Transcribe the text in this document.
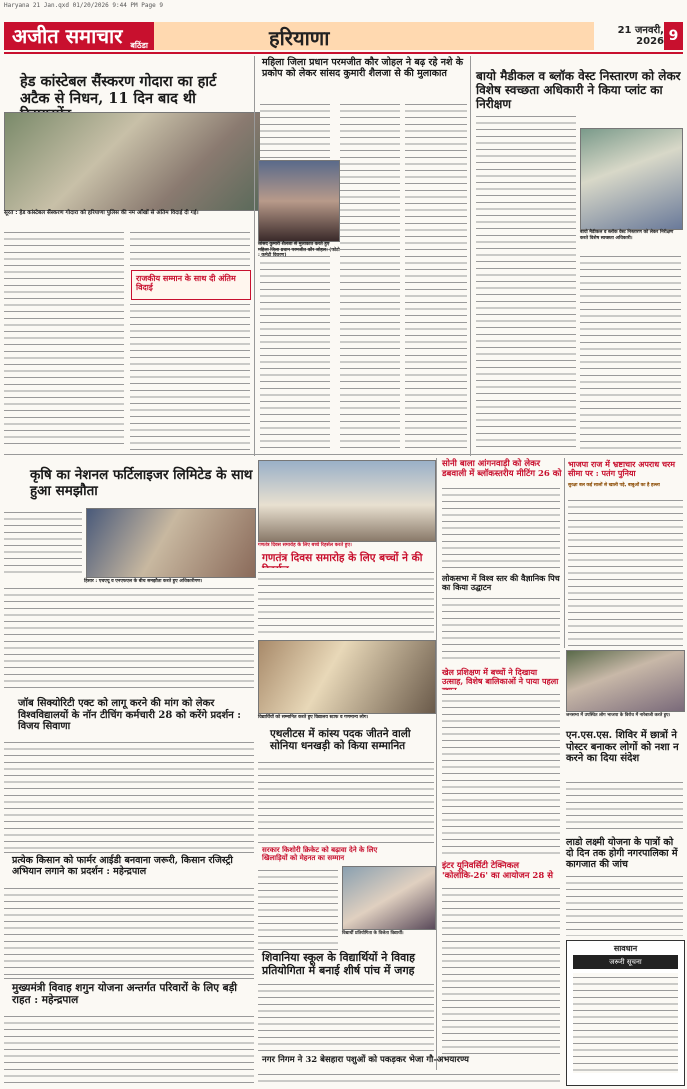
Haryana 21 Jan.qxd 01/20/2026 9:44 PM Page 9
अजीत समाचार बठिंडा	हरियाणा	21 जनवरी, 2026 9
हेड कांस्टेबल सैंस्करण गोदारा का हार्ट अटैक से निधन, 11 दिन बाद थी
सूरत : हेड कांस्टेबल सैंस्करण गोदारा को हरियाणा पुलिस की नम आँखों से अंतिम विदाई दी गई।
राजकीय सम्मान के साथ दी अंतिम विदाई
महिला जिला प्रधान परमजीत कौर जोहल ने बढ़ रहे नशे के प्रकोप को लेकर सांसद कुमारी शैलजा से की मुलाकात
सांसद कुमारी शैलजा से मुलाकात करते हुए महिला जिला प्रधान परमजीत कौर जोहल। (फोटो : कमेटी विवरण)
बायो मैडीकल व ब्लॉक वेस्ट निस्तारण को लेकर विशेष स्वच्छता अधिकारी ने किया प्लांट का निरीक्षण
बायो मैडीकल व ब्लॉक वेस्ट निस्तारण को लेकर निरीक्षण करते विशेष स्वच्छता अधिकारी।
कृषि का नेशनल फर्टिलाइजर लिमिटेड के साथ हुआ समझौता
हिसार : एचएयू व एनएफएल के बीच समझौता करते हुए अधिकारीगण।
गणतंत्र दिवस समारोह के लिए बच्चे रिहर्सल करते हुए।
गणतंत्र दिवस समारोह के लिए बच्चों ने की
सोनी बाला आंगनवाड़ी को लेकर डबवाली में ब्लॉकस्तरीय मीटिंग 26 को
भाजपा राज में भ्रष्टाचार अपराध चरम सीमा पर : पतंग पुनिया
सुरक्षा बल कई सालों से खाली पड़े, बाबुओं का है हल्ला
जॉब सिक्योरिटी एक्ट को लागू करने की मांग को लेकर विश्वविद्यालयों के नॉन टीचिंग कर्मचारी 28 को करेंगे प्रदर्शन : विजय सिवाणा
विद्यार्थियों को सम्मानित करते हुए विद्यालय स्टाफ व गणमान्य लोग।
एथलीटस में कांस्य पदक जीतने वाली सोनिया धनखड़ी को किया सम्मानित
लोकसभा में विश्व स्तर की वैज्ञानिक पिच का किया उद्घाटन
प्रत्येक किसान को फार्मर आईडी बनवाना जरूरी, किसान रजिस्ट्री अभियान लगाने का प्रदर्शन : महेन्द्रपाल
मुख्यमंत्री विवाह शगुन योजना अन्तर्गत परिवारों के लिए बड़ी राहत : महेन्द्रपाल
सरकार किशोरी क्रिकेट को बढ़ावा देने के लिए खिलाड़ियों को मेहनत का सम्मान
विद्यार्थी प्रतियोगिता के विजेता विद्यार्थी।
शिवानिया स्कूल के विद्यार्थियों ने विवाह प्रतियोगिता में बनाई शीर्ष पांच में जगह
खेल प्रशिक्षण में बच्चों ने दिखाया उत्साह, विशेष बालिकाओं ने पाया पहला
इंटर यूनिवर्सिटी टेक्निकल 'कोलोकि-26' का आयोजन 28 से
नगर निगम ने 32 बेसहारा पशुओं को पकड़कर भेजा गौ-अभयारण्य
जनसभा में उपस्थित लोग भाजपा के विरोध में नारेबाजी करते हुए।
एन.एस.एस. शिविर में छात्रों ने पोस्टर बनाकर लोगों को नशा न करने का दिया संदेश
लाडो लक्ष्मी योजना के पात्रों को दो दिन तक होगी नगरपालिका में कागजात की जांच
सावधान
जरूरी सूचना
